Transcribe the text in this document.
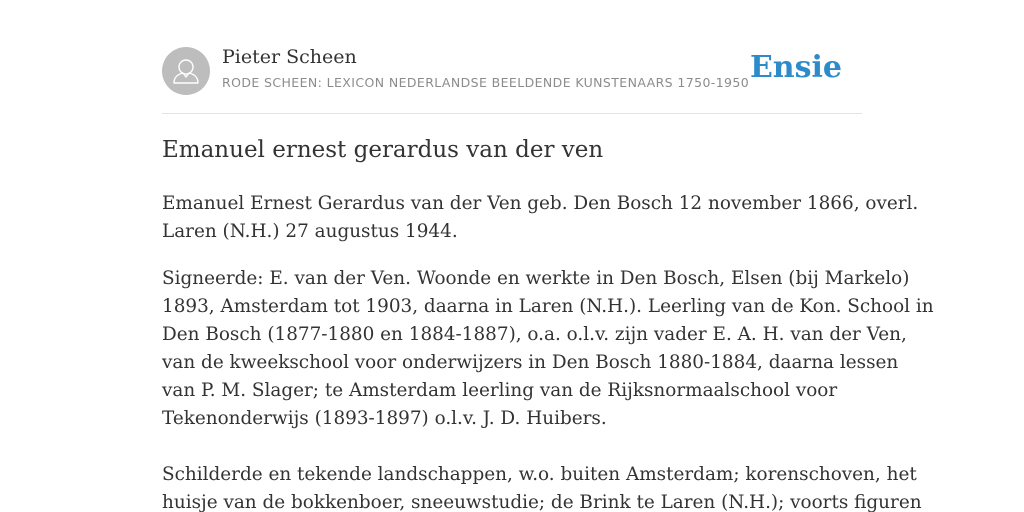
Pieter Scheen
RODE SCHEEN: LEXICON NEDERLANDSE BEELDENDE KUNSTENAARS 1750-1950 Ensie
Emanuel ernest gerardus van der ven

Emanuel Ernest Gerardus van der Ven geb. Den Bosch 12 november 1866, overl.
Laren (N.H.) 27 augustus 1944.

Signeerde: E. van der Ven. Woonde en werkte in Den Bosch, Elsen (bij Markelo)
1893, Amsterdam tot 1903, daarna in Laren (N.H.). Leerling van de Kon. School in
Den Bosch (1877-1880 en 1884-1887), o.a. o.l.v. zijn vader E. A. H. van der Ven,
van de kweekschool voor onderwijzers in Den Bosch 1880-1884, daarna lessen
van P. M. Slager; te Amsterdam leerling van de Rijksnormaalschool voor
Tekenonderwijs (1893-1897) o.l.v. J. D. Huibers.
Schilderde en tekende landschappen, w.o. buiten Amsterdam; korenschoven, het
huisje van de bokkenboer, sneeuwstudie; de Brink te Laren (N.H.); voorts figuren
